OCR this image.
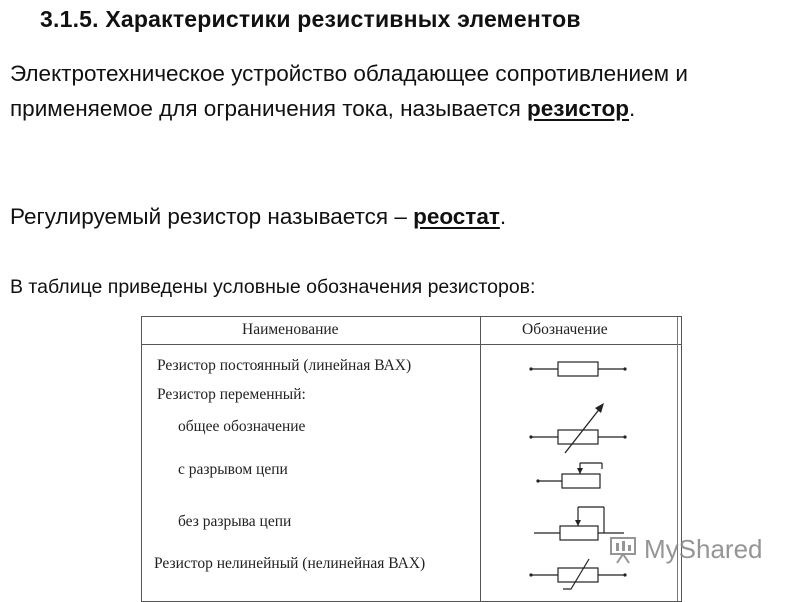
3.1.5. Характеристики резистивных элементов
Электротехническое устройство обладающее сопротивлением и применяемое для ограничения тока, называется резистор.
Регулируемый резистор называется – реостат.
В таблице приведены условные обозначения резисторов:
Наименование	Обозначение
Резистор постоянный (линейная ВАХ)
Резистор переменный:
общее обозначение
с разрывом цепи
без разрыва цепи
Резистор нелинейный (нелинейная ВАХ)	MyShared
